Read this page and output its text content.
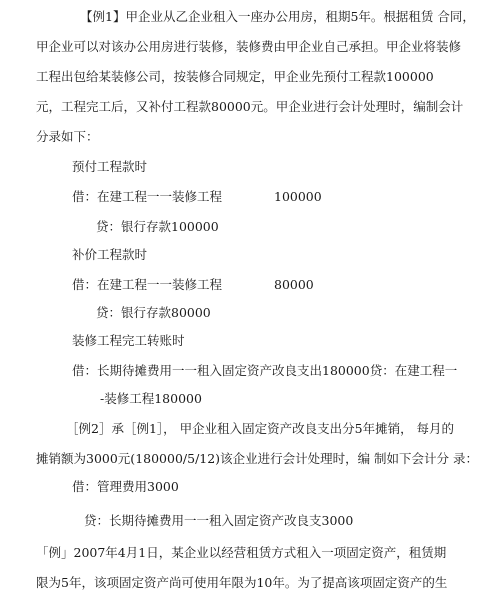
【例1】甲企业从乙企业租入一座办公用房，租期5年。根据租赁 合同，
甲企业可以对该办公用房进行装修，装修费由甲企业自己承担。甲企业将装修
工程出包给某装修公司，按装修合同规定，甲企业先预付工程款100000
元，工程完工后，又补付工程款80000元。甲企业进行会计处理时，编制会计
分录如下：
预付工程款时
借：在建工程一一装修工程	100000
贷：银行存款100000
补价工程款时
借：在建工程一一装修工程	80000
贷：银行存款80000
装修工程完工转账时
借：长期待摊费用一一租入固定资产改良支出180000贷：在建工程一
-装修工程180000
［例2］承［例1］， 甲企业租入固定资产改良支出分5年摊销， 每月的
摊销额为3000元(180000/5/12)该企业进行会计处理时，编 制如下会计分 录：
借：管理费用3000
贷：长期待摊费用一一租入固定资产改良支3000
「例」2007年4月1日，某企业以经营租赁方式租入一项固定资产，租赁期
限为5年，该项固定资产尚可使用年限为10年。为了提高该项固定资产的生
